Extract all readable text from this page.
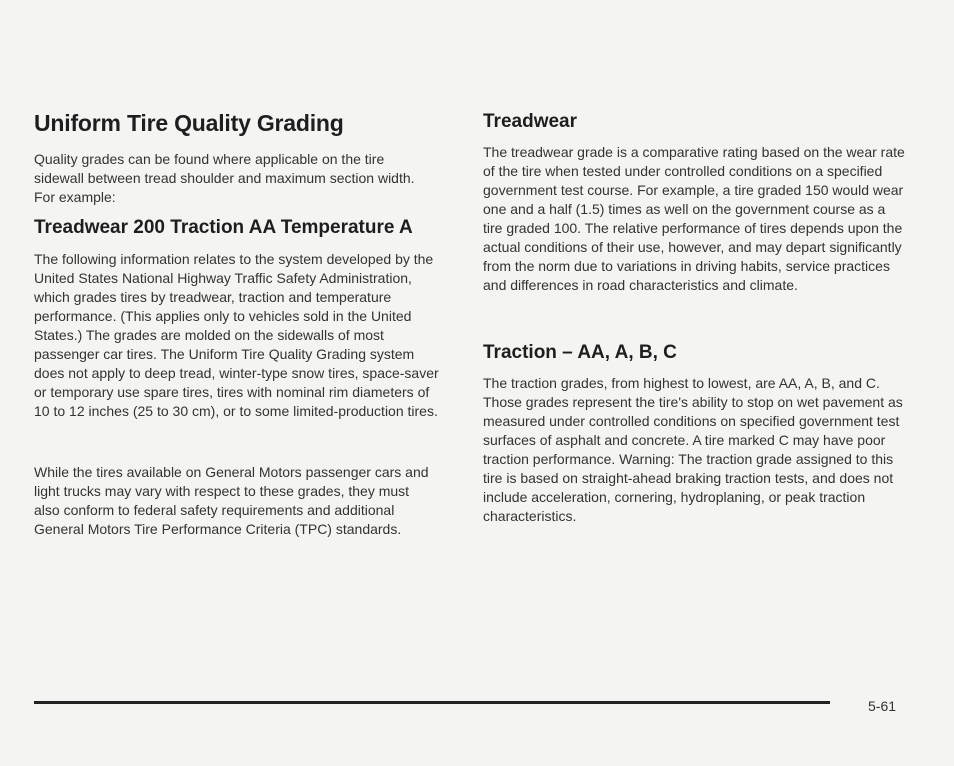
Uniform Tire Quality Grading

Quality grades can be found where applicable on the tire sidewall between tread shoulder and maximum section width. For example:

Treadwear 200 Traction AA Temperature A

The following information relates to the system developed by the United States National Highway Traffic Safety Administration, which grades tires by treadwear, traction and temperature performance. (This applies only to vehicles sold in the United States.) The grades are molded on the sidewalls of most passenger car tires. The Uniform Tire Quality Grading system does not apply to deep tread, winter-type snow tires, space-saver or temporary use spare tires, tires with nominal rim diameters of 10 to 12 inches (25 to 30 cm), or to some limited-production tires.

While the tires available on General Motors passenger cars and light trucks may vary with respect to these grades, they must also conform to federal safety requirements and additional General Motors Tire Performance Criteria (TPC) standards.

Treadwear

The treadwear grade is a comparative rating based on the wear rate of the tire when tested under controlled conditions on a specified government test course. For example, a tire graded 150 would wear one and a half (1.5) times as well on the government course as a tire graded 100. The relative performance of tires depends upon the actual conditions of their use, however, and may depart significantly from the norm due to variations in driving habits, service practices and differences in road characteristics and climate.

Traction – AA, A, B, C

The traction grades, from highest to lowest, are AA, A, B, and C. Those grades represent the tire's ability to stop on wet pavement as measured under controlled conditions on specified government test surfaces of asphalt and concrete. A tire marked C may have poor traction performance. Warning: The traction grade assigned to this tire is based on straight-ahead braking traction tests, and does not include acceleration, cornering, hydroplaning, or peak traction characteristics.

5-61
